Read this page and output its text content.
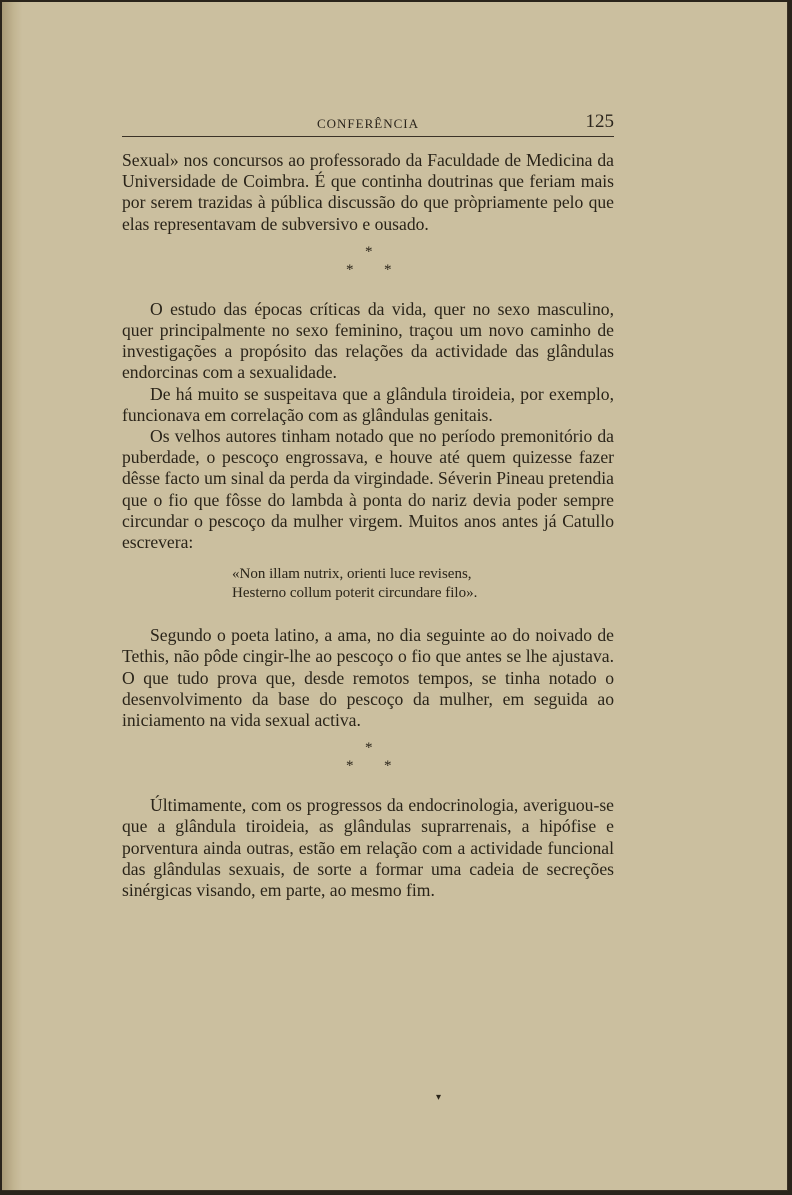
CONFERÊNCIA	125

Sexual» nos concursos ao professorado da Faculdade de Medicina da Universidade de Coimbra. É que continha doutrinas que feriam mais por serem trazidas à pública discussão do que pròpriamente pelo que elas representavam de subversivo e ousado.

*
* *

O estudo das épocas críticas da vida, quer no sexo masculino, quer principalmente no sexo feminino, traçou um novo caminho de investigações a propósito das relações da actividade das glândulas endorcinas com a sexualidade.

De há muito se suspeitava que a glândula tiroideia, por exemplo, funcionava em correlação com as glândulas genitais.

Os velhos autores tinham notado que no período premonitório da puberdade, o pescoço engrossava, e houve até quem quizesse fazer dêsse facto um sinal da perda da virgindade. Séverin Pineau pretendia que o fio que fôsse do lambda à ponta do nariz devia poder sempre circundar o pescoço da mulher virgem. Muitos anos antes já Catullo escrevera:

«Non illam nutrix, orienti luce revisens,
Hesterno collum poterit circundare filo».

Segundo o poeta latino, a ama, no dia seguinte ao do noivado de Tethis, não pôde cingir-lhe ao pescoço o fio que antes se lhe ajustava. O que tudo prova que, desde remotos tempos, se tinha notado o desenvolvimento da base do pescoço da mulher, em seguida ao iniciamento na vida sexual activa.

*
* *

Últimamente, com os progressos da endocrinologia, averiguou-se que a glândula tiroideia, as glândulas suprarrenais, a hipófise e porventura ainda outras, estão em relação com a actividade funcional das glândulas sexuais, de sorte a formar uma cadeia de secreções sinérgicas visando, em parte, ao mesmo fim.

▾
